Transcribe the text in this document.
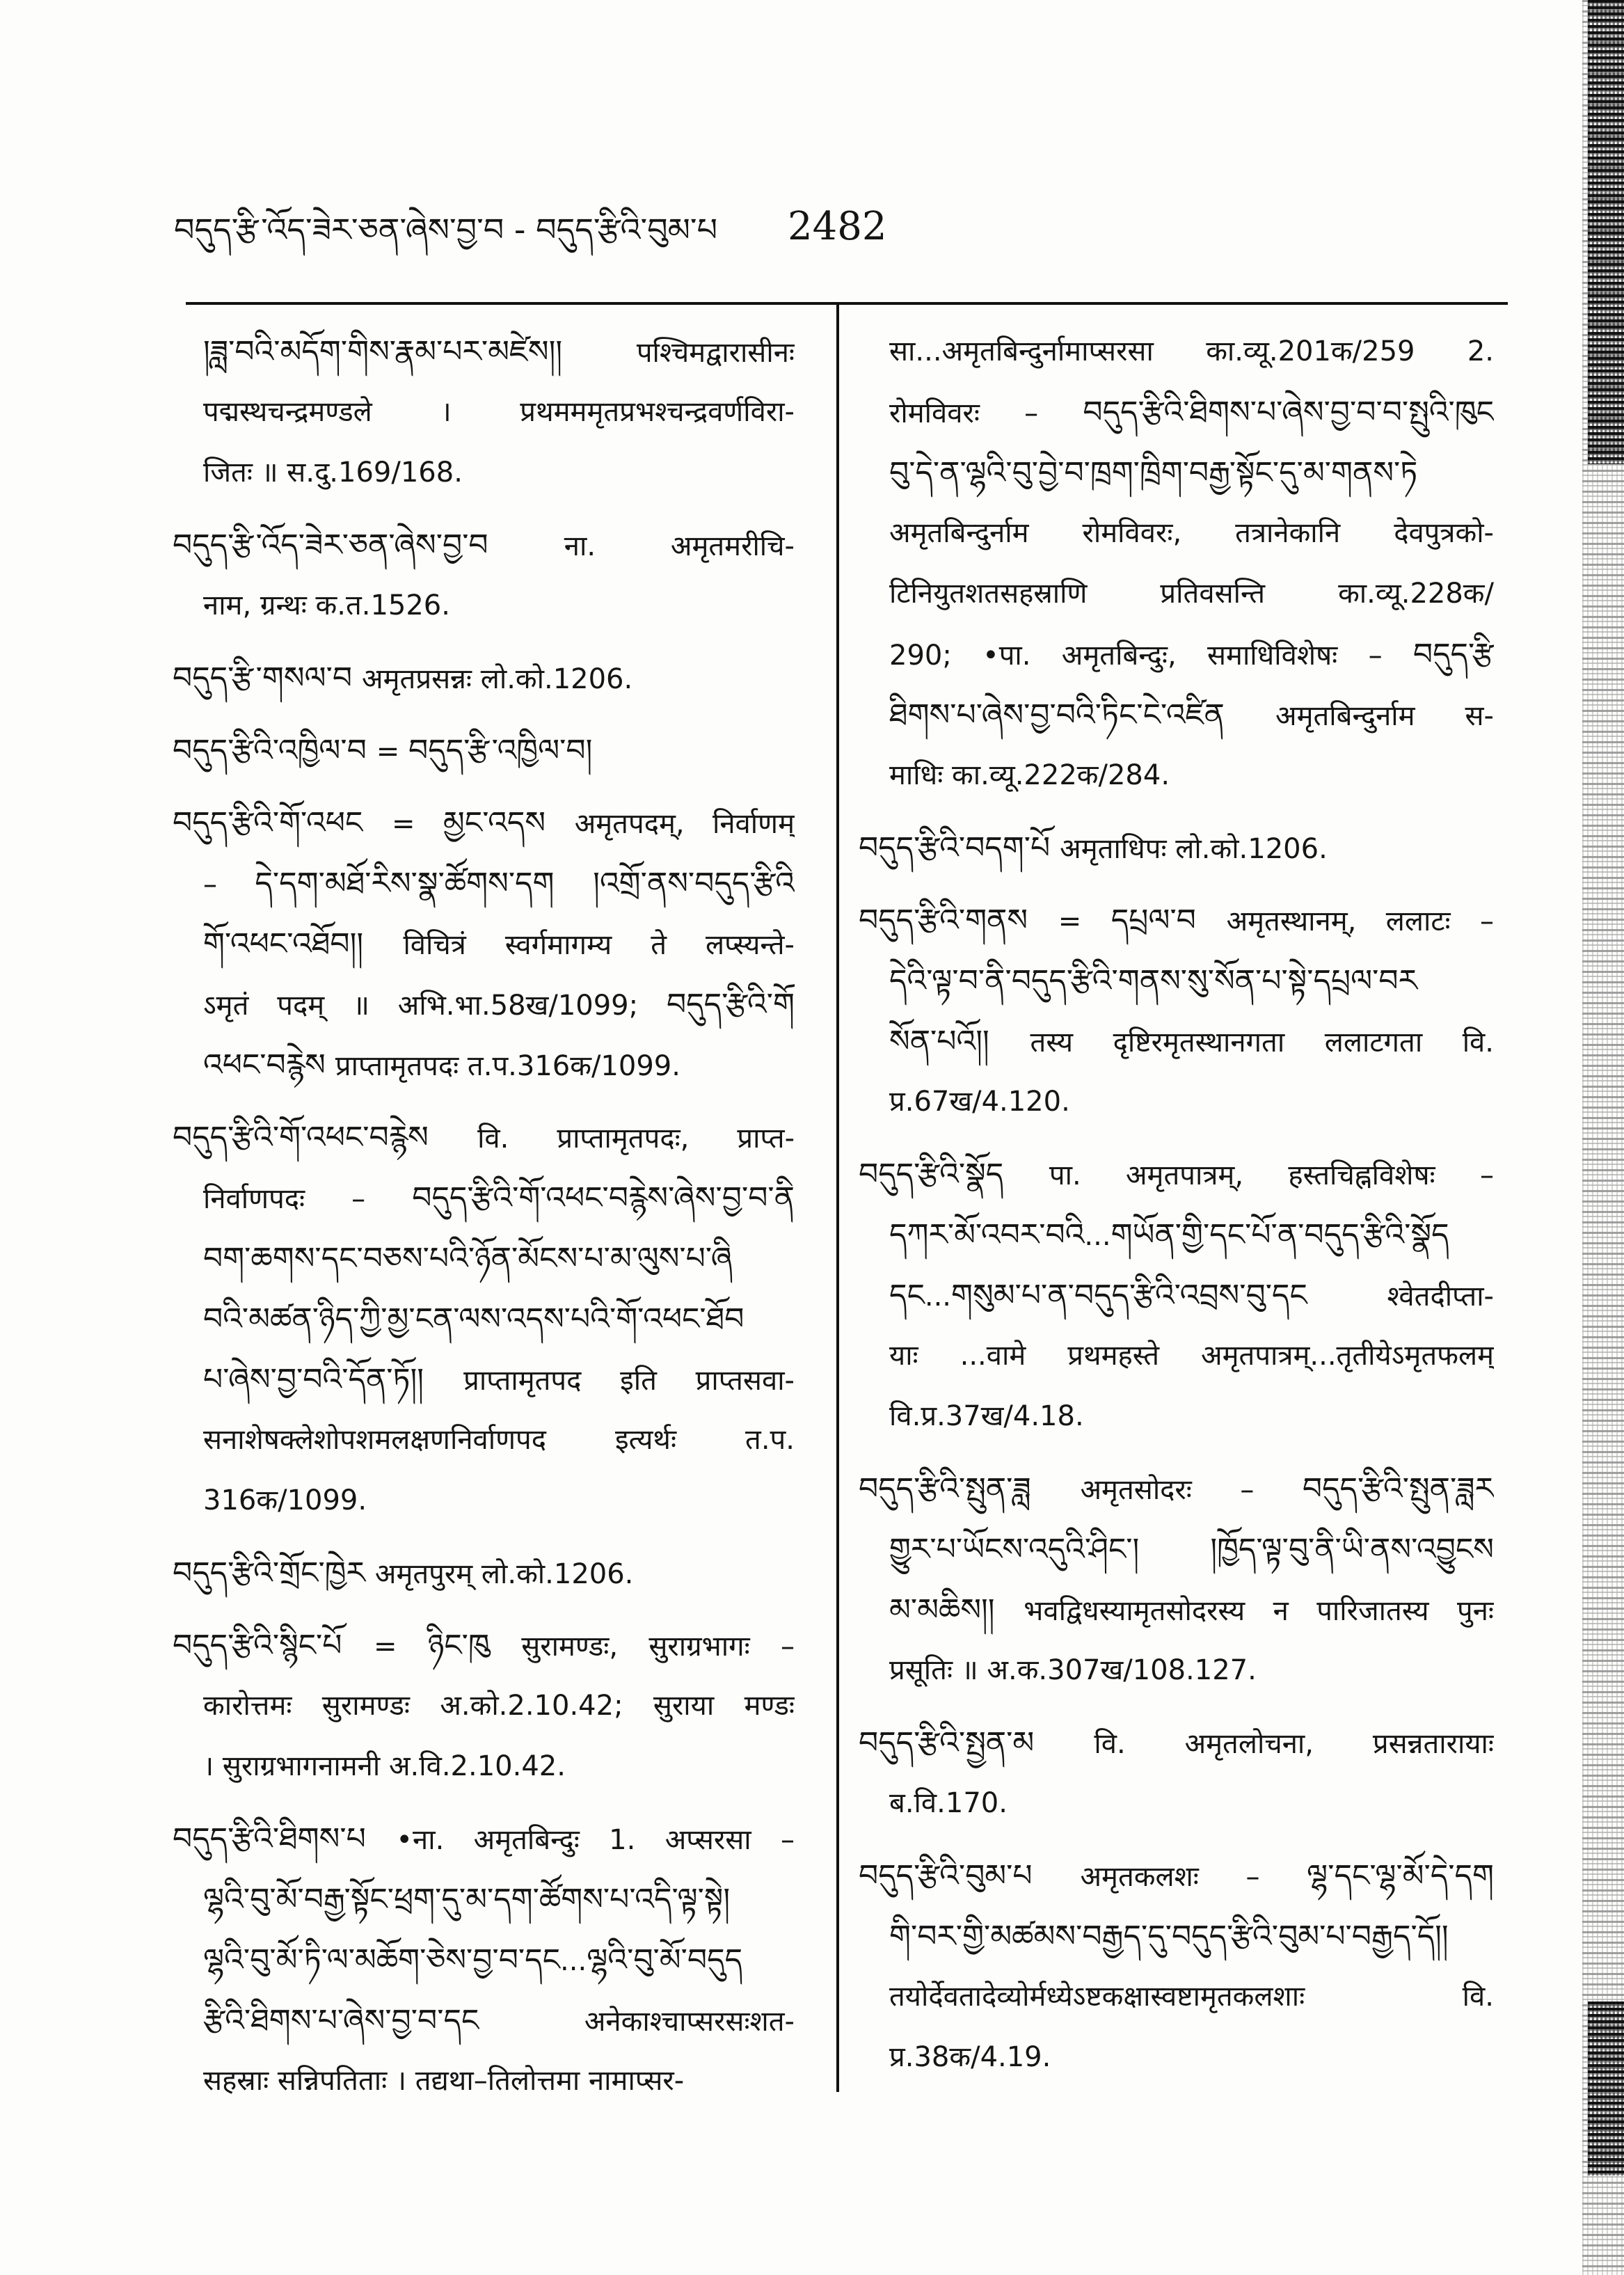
བདུད་རྩི་འོད་ཟེར་ཅན་ཞེས་བྱ་བ - བདུད་རྩིའི་བུམ་པ	2482
།ཟླ་བའི་མདོག་གིས་རྣམ་པར་མཛེས།། पश्चिमद्वारासीनः
पद्मस्थचन्द्रमण्डले । प्रथमममृतप्रभश्चन्द्रवर्णविरा-
जितः ॥ स.दु.169/168.
བདུད་རྩི་འོད་ཟེར་ཅན་ཞེས་བྱ་བ ना. अमृतमरीचि-
नाम, ग्रन्थः क.त.1526.
བདུད་རྩི་གསལ་བ अमृतप्रसन्नः लो.को.1206.
བདུད་རྩིའི་འཁྱིལ་བ = བདུད་རྩི་འཁྱིལ་བ།
བདུད་རྩིའི་གོ་འཕང = མྱང་འདས अमृतपदम्, निर्वाणम्
– དེ་དག་མཐོ་རིས་སྣ་ཚོགས་དག །འགྲོ་ནས་བདུད་རྩིའི
གོ་འཕང་འཐོབ།། विचित्रं स्वर्गमागम्य ते लप्स्यन्ते-
ऽमृतं पदम् ॥ अभि.भा.58ख/1099; བདུད་རྩིའི་གོ
འཕང་བརྙེས प्राप्तामृतपदः त.प.316क/1099.
བདུད་རྩིའི་གོ་འཕང་བརྙེས वि. प्राप्तामृतपदः, प्राप्त-
निर्वाणपदः – བདུད་རྩིའི་གོ་འཕང་བརྙེས་ཞེས་བྱ་བ་ནི
བག་ཆགས་དང་བཅས་པའི་ཉོན་མོངས་པ་མ་ལུས་པ་ཞི
བའི་མཚན་ཉིད་ཀྱི་མྱ་ངན་ལས་འདས་པའི་གོ་འཕང་ཐོབ
པ་ཞེས་བྱ་བའི་དོན་ཏོ།། प्राप्तामृतपद इति प्राप्तसवा-
सनाशेषक्लेशोपशमलक्षणनिर्वाणपद इत्यर्थः त.प.
316क/1099.
བདུད་རྩིའི་གྲོང་ཁྱེར अमृतपुरम् लो.को.1206.
བདུད་རྩིའི་སྙིང་པོ = ཉིང་ཁུ सुरामण्डः, सुराग्रभागः –
कारोत्तमः सुरामण्डः अ.को.2.10.42; सुराया मण्डः
। सुराग्रभागनामनी अ.वि.2.10.42.
བདུད་རྩིའི་ཐིགས་པ •ना. अमृतबिन्दुः 1. अप्सरसा –
ལྷའི་བུ་མོ་བརྒྱ་སྟོང་ཕྲག་དུ་མ་དག་ཚོགས་པ་འདི་ལྟ་སྟེ།
ལྷའི་བུ་མོ་ཏི་ལ་མཆོག་ཅེས་བྱ་བ་དང...ལྷའི་བུ་མོ་བདུད
རྩིའི་ཐིགས་པ་ཞེས་བྱ་བ་དང अनेकाश्चाप्सरसःशत-
सहस्राः सन्निपतिताः । तद्यथा–तिलोत्तमा नामाप्सर-
सा...अमृतबिन्दुर्नामाप्सरसा का.व्यू.201क/259 2.
रोमविवरः – བདུད་རྩིའི་ཐིགས་པ་ཞེས་བྱ་བ་བ་སྤུའི་ཁུང
བུ་དེ་ན་ལྷའི་བུ་བྱེ་བ་ཁྲག་ཁྲིག་བརྒྱ་སྟོང་དུ་མ་གནས་ཏེ
अमृतबिन्दुर्नाम रोमविवरः, तत्रानेकानि देवपुत्रको-
टिनियुतशतसहस्राणि प्रतिवसन्ति का.व्यू.228क/
290; •पा. अमृतबिन्दुः, समाधिविशेषः – བདུད་རྩི
ཐིགས་པ་ཞེས་བྱ་བའི་ཏིང་ངེ་འཛིན अमृतबिन्दुर्नाम स-
माधिः का.व्यू.222क/284.
བདུད་རྩིའི་བདག་པོ अमृताधिपः लो.को.1206.
བདུད་རྩིའི་གནས = དཔྲལ་བ अमृतस्थानम्, ललाटः –
དེའི་ལྟ་བ་ནི་བདུད་རྩིའི་གནས་སུ་སོན་པ་སྟེ་དཔྲལ་བར
སོན་པའོ།། तस्य दृष्टिरमृतस्थानगता ललाटगता वि.
प्र.67ख/4.120.
བདུད་རྩིའི་སྣོད पा. अमृतपात्रम्, हस्तचिह्नविशेषः –
དཀར་མོ་འབར་བའི...གཡོན་གྱི་དང་པོ་ན་བདུད་རྩིའི་སྣོད
དང...གསུམ་པ་ན་བདུད་རྩིའི་འབྲས་བུ་དང श्वेतदीप्ता-
याः ...वामे प्रथमहस्ते अमृतपात्रम्...तृतीयेऽमृतफलम्
वि.प्र.37ख/4.18.
བདུད་རྩིའི་སྤུན་ཟླ अमृतसोदरः – བདུད་རྩིའི་སྤུན་ཟླར
གྱུར་པ་ཡོངས་འདུའི་ཤིང་། །ཁྱོད་ལྟ་བུ་ནི་ཡི་ནས་འབྱུངས
མ་མཆིས།། भवद्विधस्यामृतसोदरस्य न पारिजातस्य पुनः
प्रसूतिः ॥ अ.क.307ख/108.127.
བདུད་རྩིའི་སྤྱན་མ वि. अमृतलोचना, प्रसन्नतारायाः
ब.वि.170.
བདུད་རྩིའི་བུམ་པ अमृतकलशः – ལྷ་དང་ལྷ་མོ་དེ་དག
གི་བར་གྱི་མཚམས་བརྒྱད་དུ་བདུད་རྩིའི་བུམ་པ་བརྒྱད་དོ།།
तयोर्देवतादेव्योर्मध्येऽष्टकक्षास्वष्टामृतकलशाः वि.
प्र.38क/4.19.
